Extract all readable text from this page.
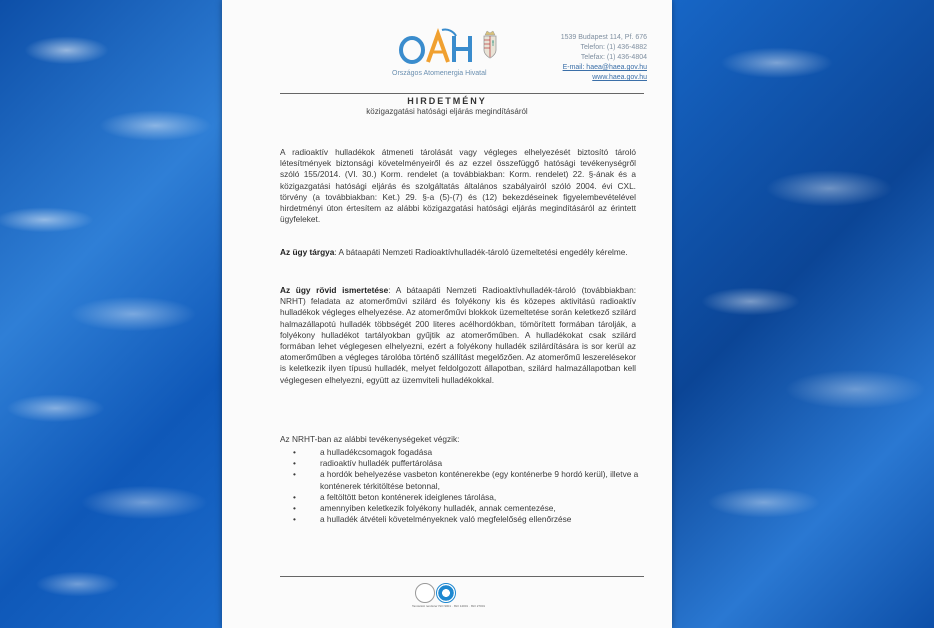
Országos Atomenergia Hivatal
1539 Budapest 114, Pf. 676
Telefon: (1) 436-4882
Telefax: (1) 436-4804
E-mail: haea@haea.gov.hu
www.haea.gov.hu
HIRDETMÉNY
közigazgatási hatósági eljárás megindításáról
A radioaktív hulladékok átmeneti tárolását vagy végleges elhelyezését biztosító tároló létesítmények biztonsági követelményeiről és az ezzel összefüggő hatósági tevékenységről szóló 155/2014. (VI. 30.) Korm. rendelet (a továbbiakban: Korm. rendelet) 22. §-ának és a közigazgatási hatósági eljárás és szolgáltatás általános szabályairól szóló 2004. évi CXL. törvény (a továbbiakban: Ket.) 29. §-a (5)-(7) és (12) bekezdéseinek figyelembevételével hirdetményi úton értesítem az alábbi közigazgatási hatósági eljárás megindításáról az érintett ügyfeleket.
Az ügy tárgya: A bátaapáti Nemzeti Radioaktívhulladék-tároló üzemeltetési engedély kérelme.
Az ügy rövid ismertetése: A bátaapáti Nemzeti Radioaktívhulladék-tároló (továbbiakban: NRHT) feladata az atomerőművi szilárd és folyékony kis és közepes aktivitású radioaktív hulladékok végleges elhelyezése. Az atomerőművi blokkok üzemeltetése során keletkező szilárd halmazállapotú hulladék többségét 200 literes acélhordókban, tömörített formában tárolják, a folyékony hulladékot tartályokban gyűjtik az atomerőműben. A hulladékokat csak szilárd formában lehet véglegesen elhelyezni, ezért a folyékony hulladék szilárdítására is sor kerül az atomerőműben a végleges tárolóba történő szállítást megelőzően. Az atomerőmű leszerelésekor is keletkezik ilyen típusú hulladék, melyet feldolgozott állapotban, szilárd halmazállapotban kell véglegesen elhelyezni, együtt az üzemviteli hulladékokkal.
Az NRHT-ban az alábbi tevékenységeket végzik:
• a hulladékcsomagok fogadása
• radioaktív hulladék puffertárolása
• a hordók behelyezése vasbeton konténerekbe (egy konténerbe 9 hordó kerül), illetve a konténerek térkitöltése betonnal,
• a feltöltött beton konténerek ideiglenes tárolása,
• amennyiben keletkezik folyékony hulladék, annak cementezése,
• a hulladék átvételi követelményeknek való megfelelőség ellenőrzése
Tanúsított rendszer ISO 9001 · ISO 14001 · ISO 27001
